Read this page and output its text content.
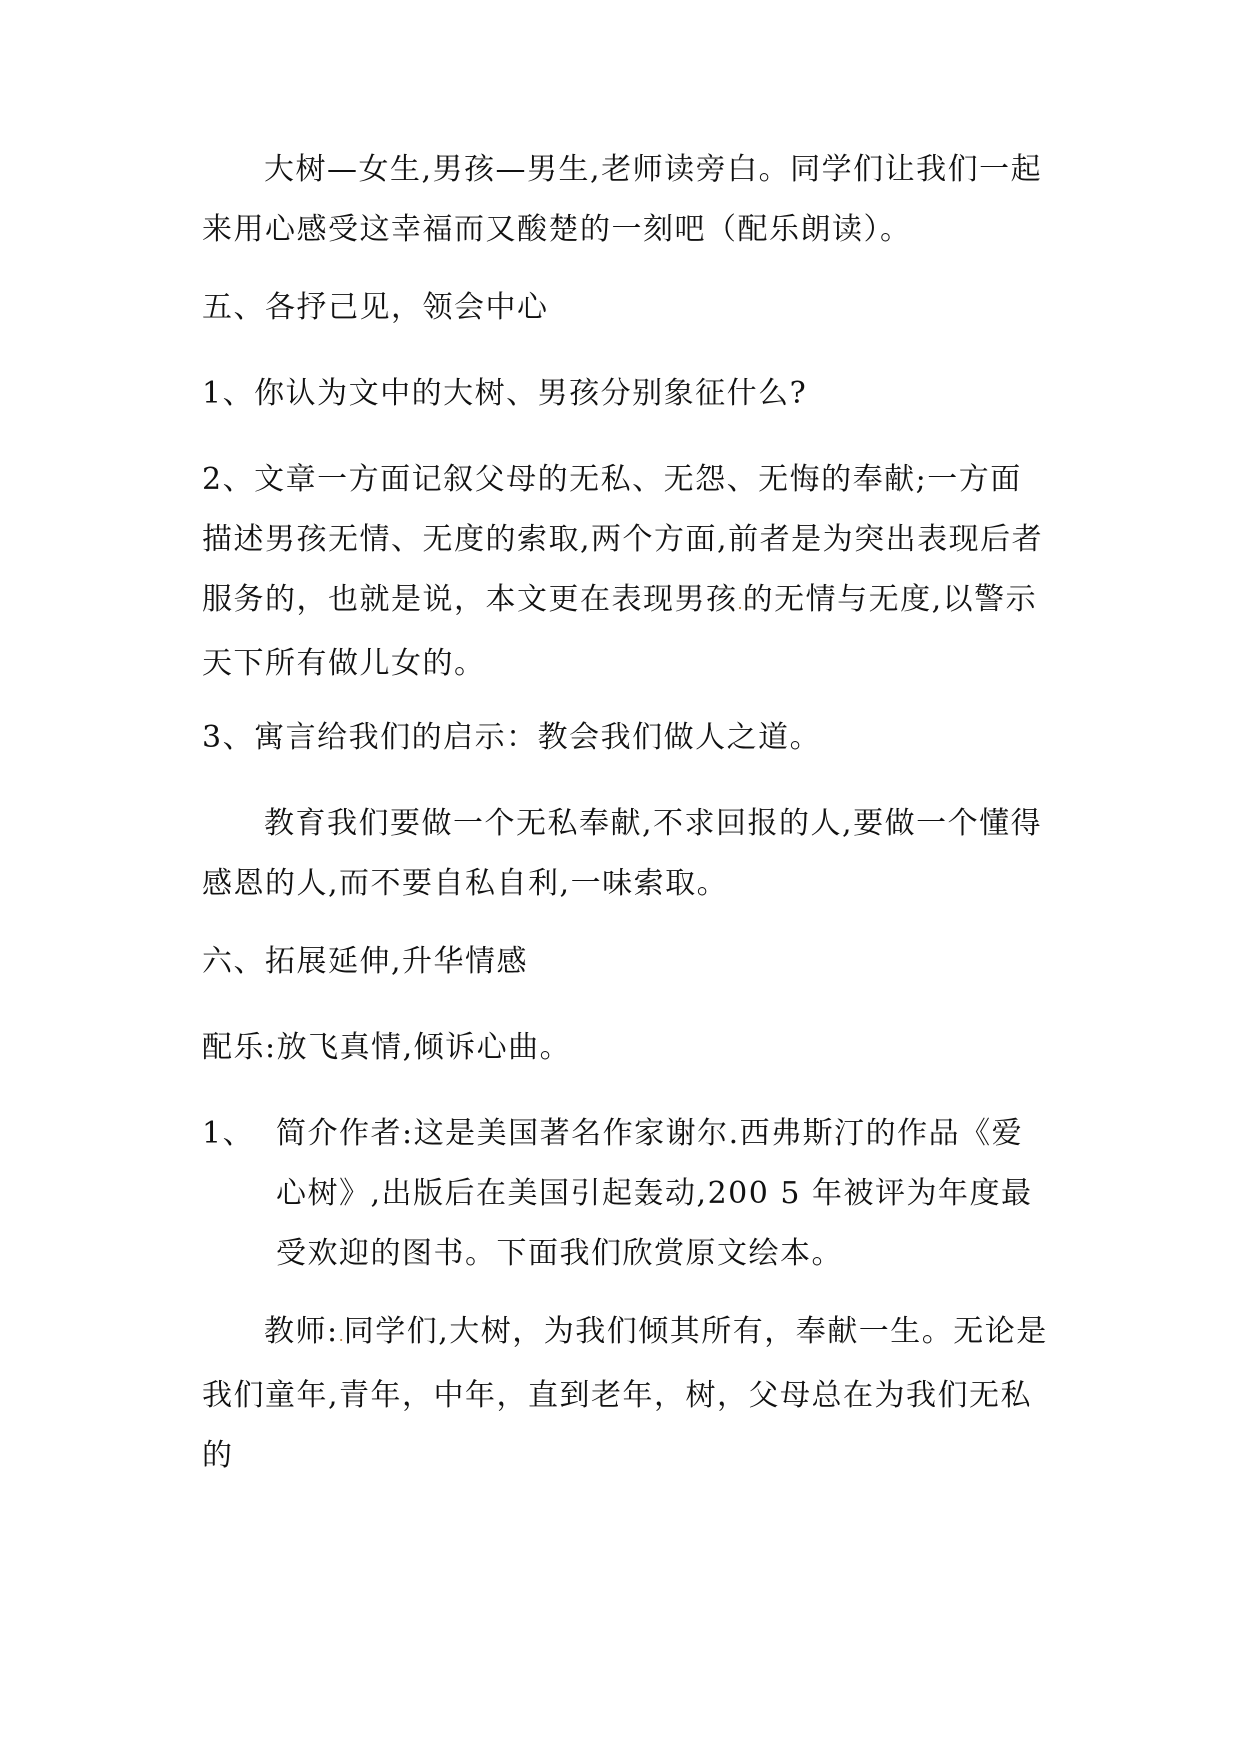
大树—女生,男孩—男生,老师读旁白。同学们让我们一起来用心感受这幸福而又酸楚的一刻吧（配乐朗读）。

五、各抒己见，领会中心

1、你认为文中的大树、男孩分别象征什么?

2、文章一方面记叙父母的无私、无怨、无悔的奉献;一方面描述男孩无情、无度的索取,两个方面,前者是为突出表现后者服务的，也就是说，本文更在表现男孩.的无情与无度,以警示天下所有做儿女的。

3、寓言给我们的启示：教会我们做人之道。

教育我们要做一个无私奉献,不求回报的人,要做一个懂得感恩的人,而不要自私自利,一味索取。

六、拓展延伸,升华情感

配乐:放飞真情,倾诉心曲。

1、 简介作者:这是美国著名作家谢尔.西弗斯汀的作品《爱心树》,出版后在美国引起轰动,200 5 年被评为年度最受欢迎的图书。下面我们欣赏原文绘本。

教师:.同学们,大树，为我们倾其所有，奉献一生。无论是我们童年,青年，中年，直到老年，树，父母总在为我们无私的
